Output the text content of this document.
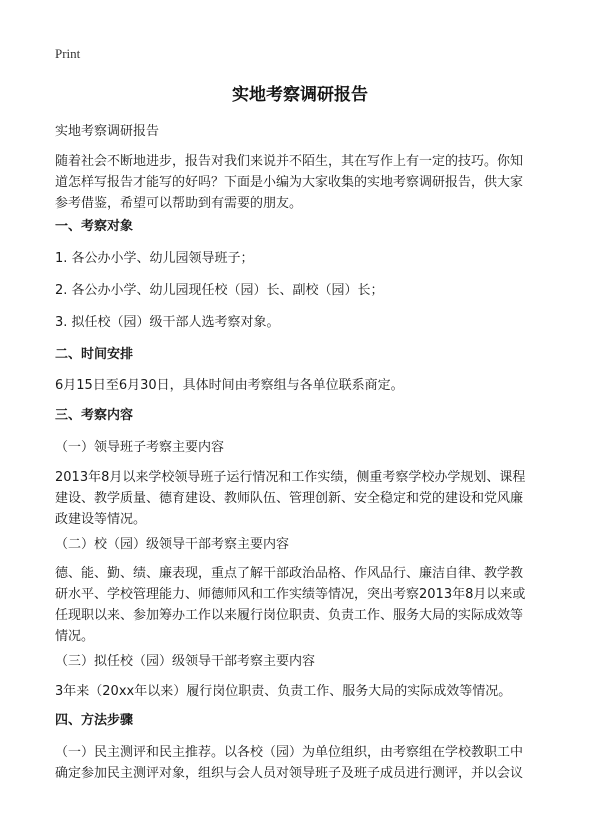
Print
实地考察调研报告

实地考察调研报告

随着社会不断地进步，报告对我们来说并不陌生，其在写作上有一定的技巧。你知
道怎样写报告才能写的好吗？下面是小编为大家收集的实地考察调研报告，供大家
参考借鉴，希望可以帮助到有需要的朋友。

一、考察对象

1. 各公办小学、幼儿园领导班子；

2. 各公办小学、幼儿园现任校（园）长、副校（园）长；

3. 拟任校（园）级干部人选考察对象。

二、时间安排

6月15日至6月30日，具体时间由考察组与各单位联系商定。

三、考察内容

（一）领导班子考察主要内容

2013年8月以来学校领导班子运行情况和工作实绩，侧重考察学校办学规划、课程
建设、教学质量、德育建设、教师队伍、管理创新、安全稳定和党的建设和党风廉
政建设等情况。

（二）校（园）级领导干部考察主要内容

德、能、勤、绩、廉表现，重点了解干部政治品格、作风品行、廉洁自律、教学教
研水平、学校管理能力、师德师风和工作实绩等情况，突出考察2013年8月以来或
任现职以来、参加筹办工作以来履行岗位职责、负责工作、服务大局的实际成效等
情况。

（三）拟任校（园）级领导干部考察主要内容

3年来（20xx年以来）履行岗位职责、负责工作、服务大局的实际成效等情况。

四、方法步骤

（一）民主测评和民主推荐。以各校（园）为单位组织，由考察组在学校教职工中
确定参加民主测评对象，组织与会人员对领导班子及班子成员进行测评，并以会议
